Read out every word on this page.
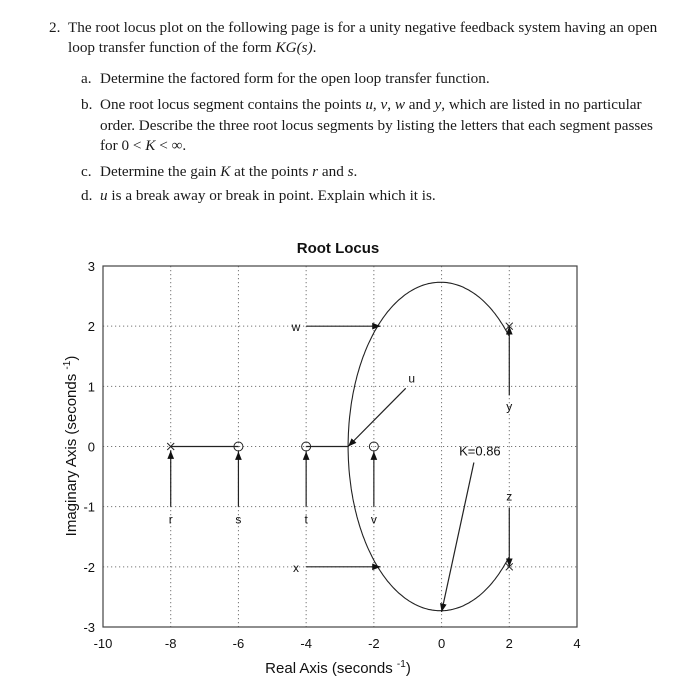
2. The root locus plot on the following page is for a unity negative feedback system having an open
loop transfer function of the form KG(s).
a. Determine the factored form for the open loop transfer function.
b. One root locus segment contains the points u, v, w and y, which are listed in no particular
order. Describe the three root locus segments by listing the letters that each segment passes
for 0 < K < ∞.
c. Determine the gain K at the points r and s.
d. u is a break away or break in point. Explain which it is.
Root Locus
-10	-8	-6	-4	-2	0	2	4
-3
-2
-1
0
1
2
3
r	s	t	v
u
w
x
y
z
K=0.86
Real Axis (seconds $^{-1}$)
Imaginary Axis (seconds $^{-1}$)
